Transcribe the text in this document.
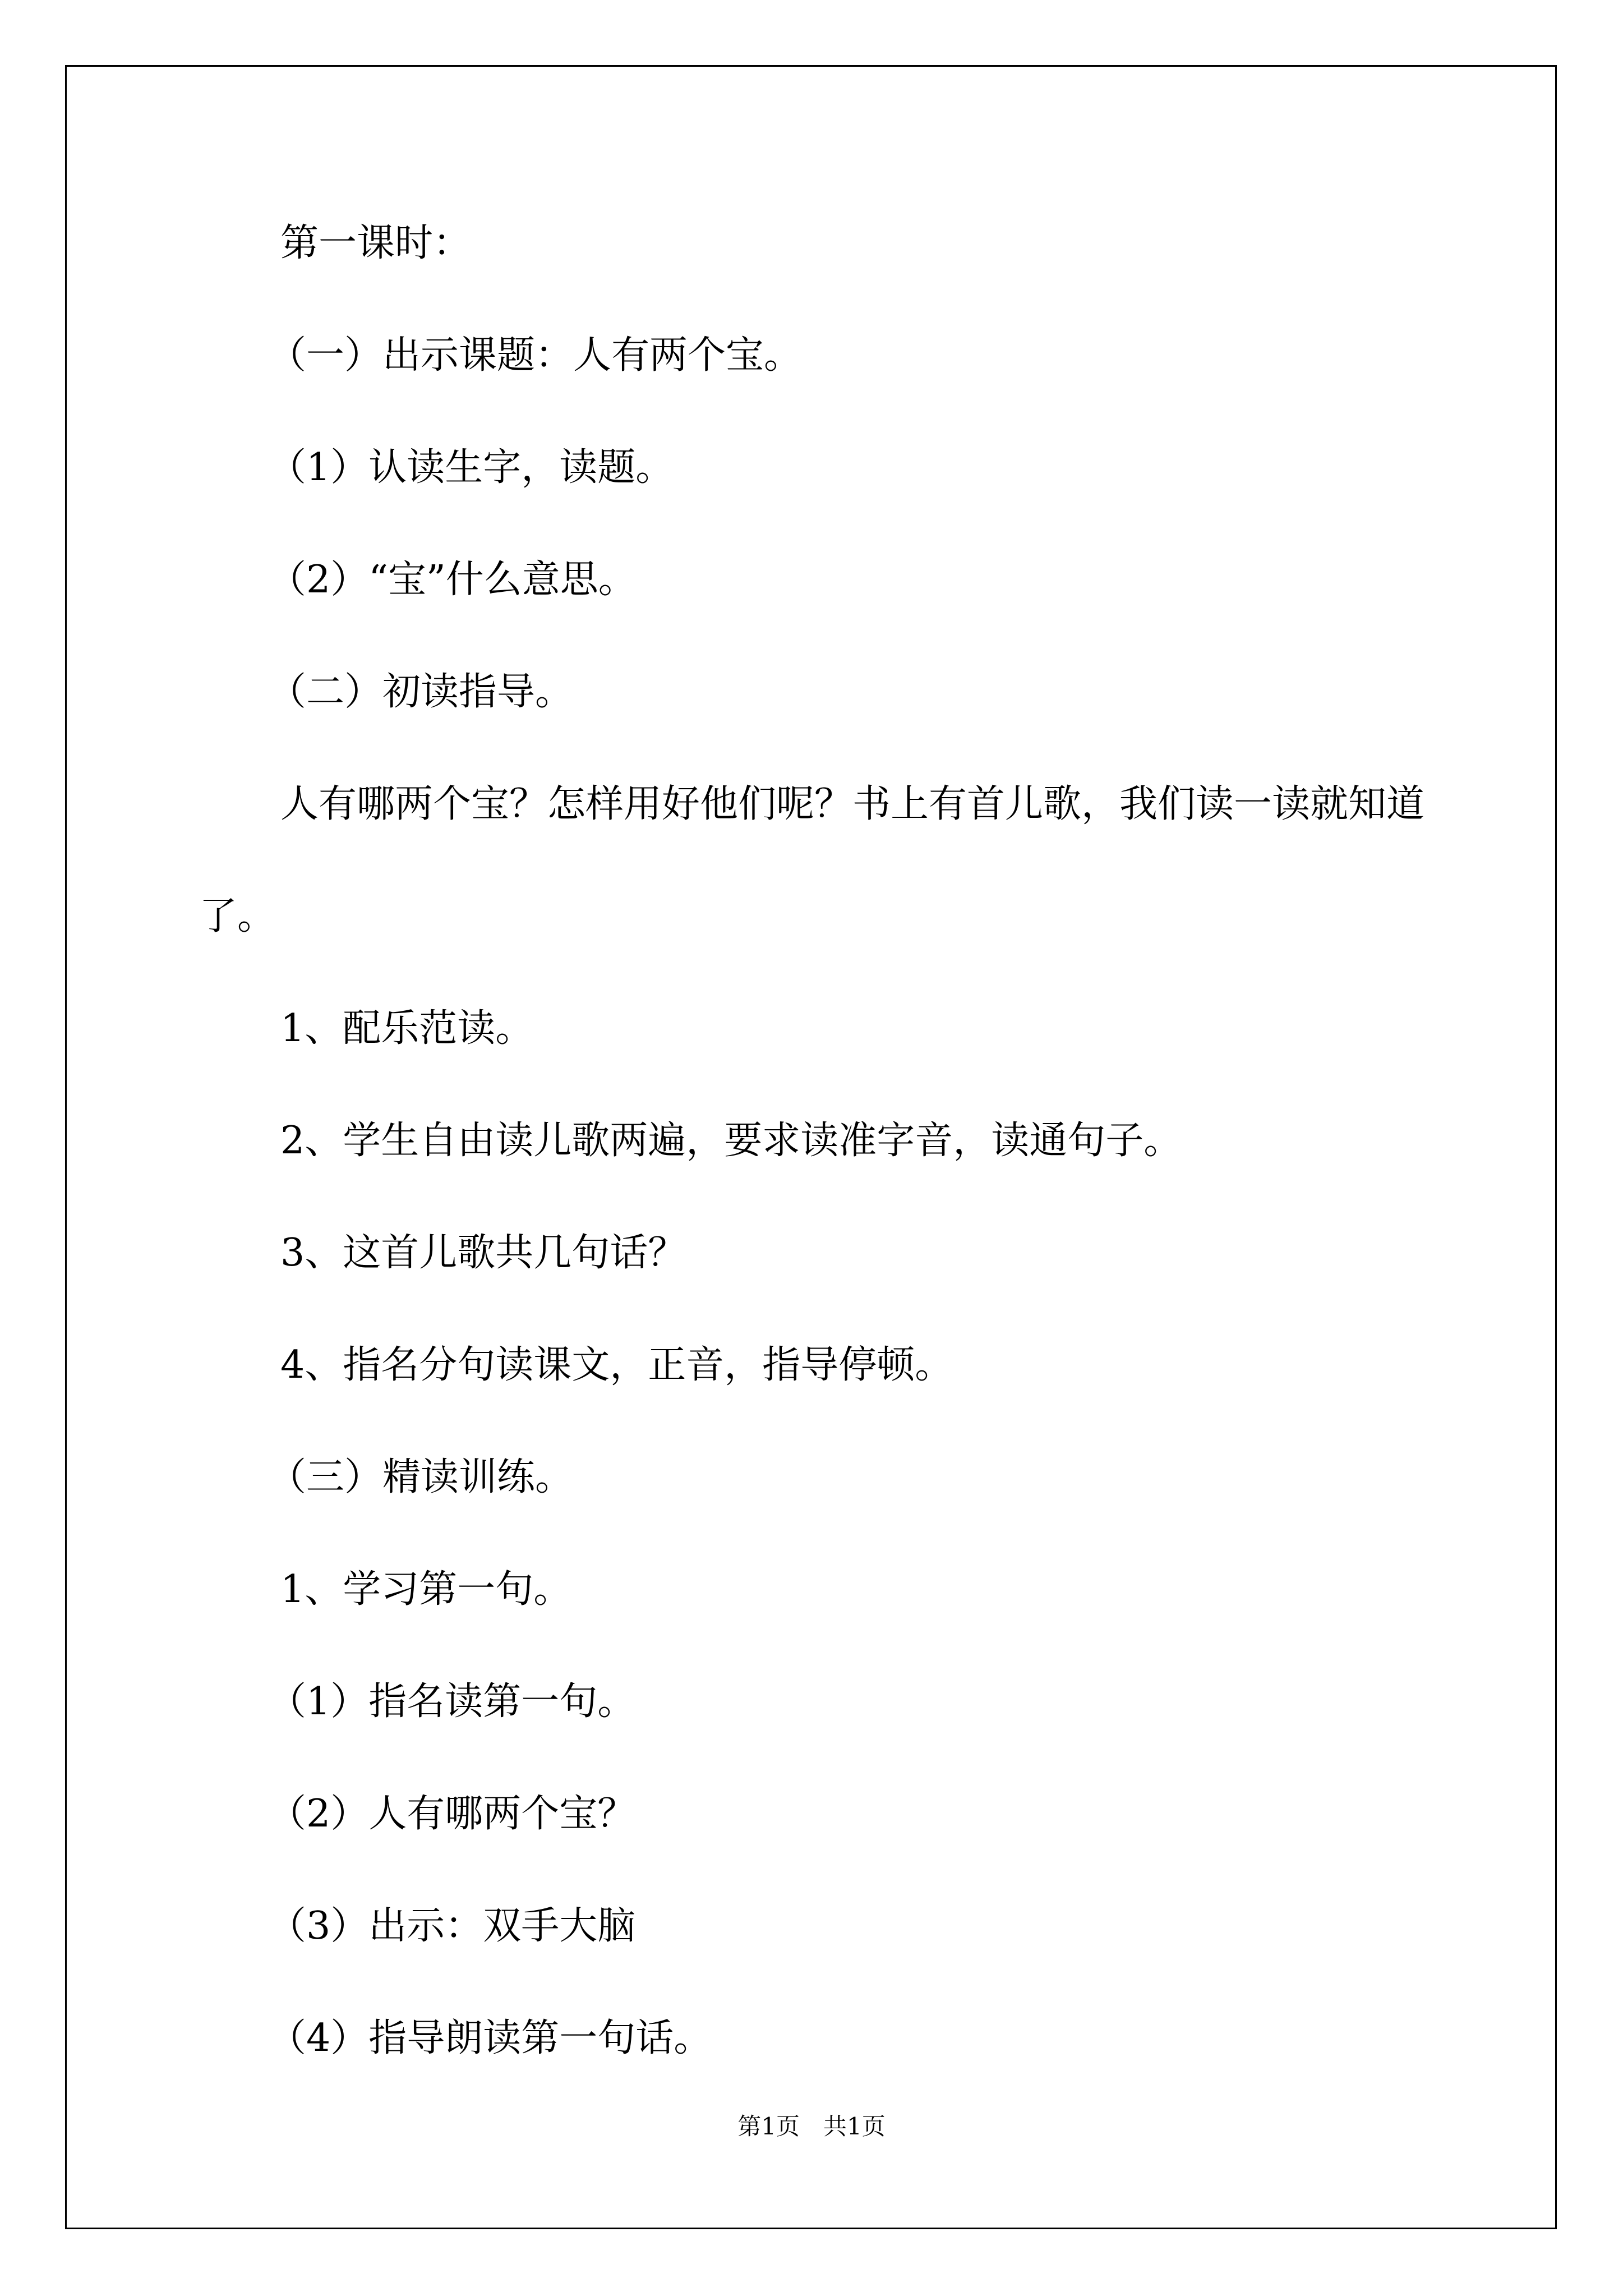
第一课时：

（一）出示课题：人有两个宝。

（1）认读生字，读题。

（2）“宝”什么意思。

（二）初读指导。

人有哪两个宝？怎样用好他们呢？书上有首儿歌，我们读一读就知道了。

1、配乐范读。

2、学生自由读儿歌两遍，要求读准字音，读通句子。

3、这首儿歌共几句话？

4、指名分句读课文，正音，指导停顿。

（三）精读训练。

1、学习第一句。

（1）指名读第一句。

（2）人有哪两个宝？

（3）出示：双手大脑

（4）指导朗读第一句话。

第1页　共1页
